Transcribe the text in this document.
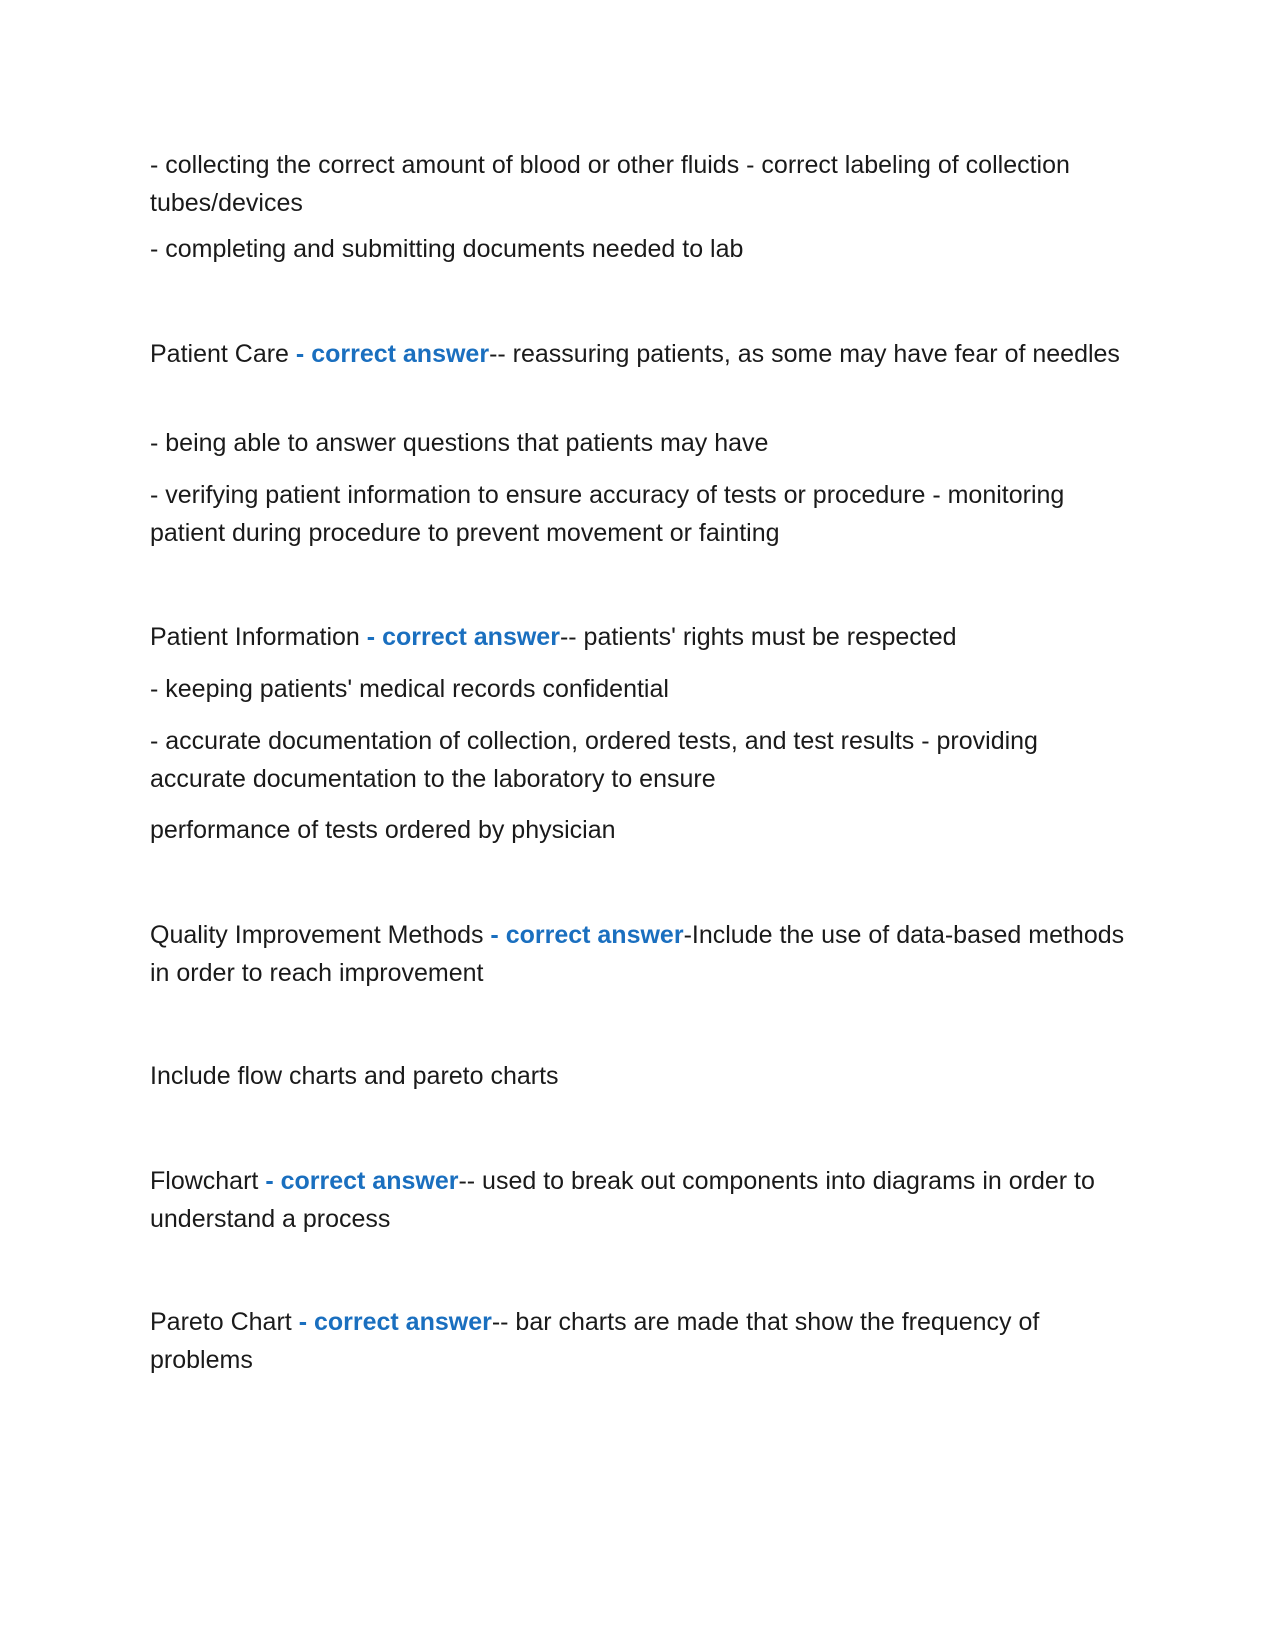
- collecting the correct amount of blood or other fluids - correct labeling of collection tubes/devices

- completing and submitting documents needed to lab

Patient Care - correct answer-- reassuring patients, as some may have fear of needles

- being able to answer questions that patients may have

- verifying patient information to ensure accuracy of tests or procedure - monitoring patient during procedure to prevent movement or fainting

Patient Information - correct answer-- patients' rights must be respected

- keeping patients' medical records confidential

- accurate documentation of collection, ordered tests, and test results - providing accurate documentation to the laboratory to ensure

performance of tests ordered by physician

Quality Improvement Methods - correct answer-Include the use of data-based methods in order to reach improvement

Include flow charts and pareto charts

Flowchart - correct answer-- used to break out components into diagrams in order to understand a process

Pareto Chart - correct answer-- bar charts are made that show the frequency of problems
